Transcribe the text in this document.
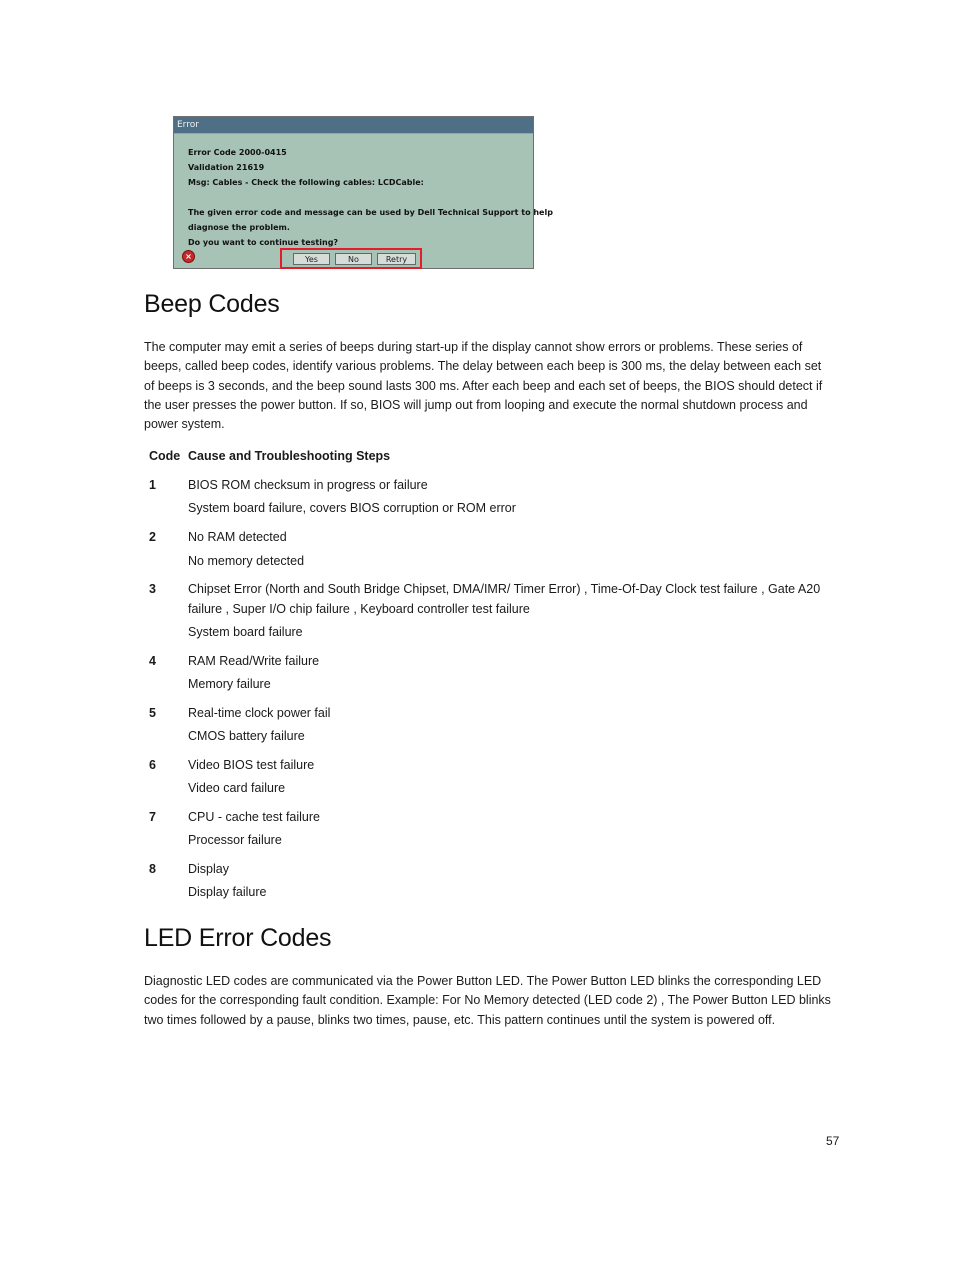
Error
Error Code 2000-0415
Validation 21619
Msg: Cables - Check the following cables: LCDCable:
The given error code and message can be used by Dell Technical Support to help
diagnose the problem.
Do you want to continue testing?
×	Yes	No	Retry
Beep Codes

The computer may emit a series of beeps during start-up if the display cannot show errors or problems. These series of beeps, called beep codes, identify various problems. The delay between each beep is 300 ms, the delay between each set of beeps is 3 seconds, and the beep sound lasts 300 ms. After each beep and each set of beeps, the BIOS should detect if the user presses the power button. If so, BIOS will jump out from looping and execute the normal shutdown process and power system.

Code Cause and Troubleshooting Steps
1	BIOS ROM checksum in progress or failure
System board failure, covers BIOS corruption or ROM error
2	No RAM detected
No memory detected
3	Chipset Error (North and South Bridge Chipset, DMA/IMR/ Timer Error) , Time-Of-Day Clock test failure , Gate A20 failure , Super I/O chip failure , Keyboard controller test failure
System board failure
4	RAM Read/Write failure
Memory failure
5	Real-time clock power fail
CMOS battery failure
6	Video BIOS test failure
Video card failure
7	CPU - cache test failure
Processor failure
8	Display
Display failure
LED Error Codes

Diagnostic LED codes are communicated via the Power Button LED. The Power Button LED blinks the corresponding LED codes for the corresponding fault condition. Example: For No Memory detected (LED code 2) , The Power Button LED blinks two times followed by a pause, blinks two times, pause, etc. This pattern continues until the system is powered off.

57
